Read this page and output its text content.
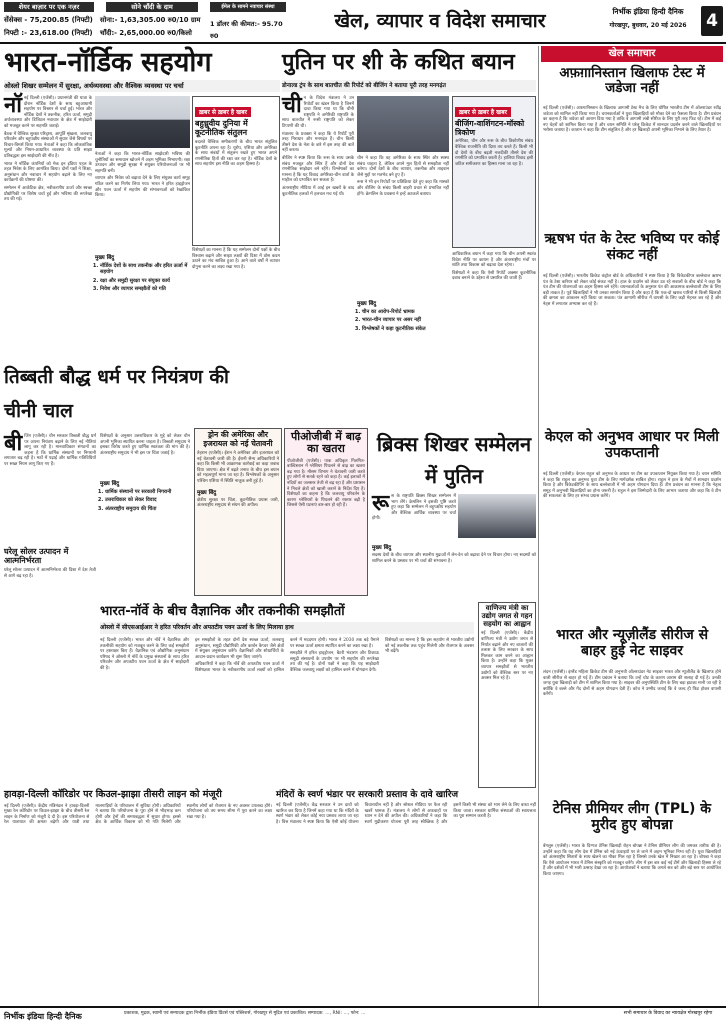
शेयर बाज़ार पर एक नज़र
सेंसेक्स - 75,200.85 (निफ्टी)
निफ्टी :- 23,618.00 (निफ्टी)
सोने चाँदी के दाम
सोना:- 1,63,305.00 रु0/10 ग्राम
चाँदी:- 2,65,000.00 रु0/किलो
ईमेल के सामने नवाचार संस्था
1 डॉलर की कीमत:- 95.70 रु0
खेल, व्यापार व विदेश समाचार	निर्भीक इंडिया हिन्दी दैनिक
गोरखपुर, बुधवार, 20 मई 2026	4
भारत-नॉर्डिक सहयोग
ओस्लो शिखर सम्मेलन में सुरक्षा, अर्थव्यवस्था और वैश्विक व्यवस्था पर चर्चा

नॉनई दिल्ली (एजेंसी)। प्रधानमंत्री की यात्रा के दौरान नॉर्डिक देशों के साथ बहुआयामी सहयोग पर विस्तार से चर्चा हुई। भारत और नॉर्डिक देशों ने तकनीक, हरित ऊर्जा, समुद्री अर्थव्यवस्था और डिजिटल नवाचार के क्षेत्र में साझेदारी को मजबूत करने पर सहमति जताई।

बैठक में वैश्विक सुरक्षा परिदृश्य, आपूर्ति श्रृंखला, जलवायु परिवर्तन और बहुपक्षीय संस्थाओं में सुधार जैसे विषयों पर विचार-विमर्श किया गया। नेताओं ने कहा कि लोकतांत्रिक मूल्यों और नियम-आधारित व्यवस्था के प्रति साझा प्रतिबद्धता इस साझेदारी की नींव है।

भारत ने नॉर्डिक कंपनियों को मेक इन इंडिया पहल के तहत निवेश के लिए आमंत्रित किया। दोनों पक्षों ने शिक्षा, अनुसंधान और नवाचार में सहयोग बढ़ाने के लिए नए कार्यक्रमों की घोषणा की।

सम्मेलन में आर्कटिक क्षेत्र, नवीकरणीय ऊर्जा और स्वच्छ प्रौद्योगिकी पर विशेष चर्चा हुई और भविष्य की रूपरेखा तय की गई।

नेताओं ने कहा कि भारत-नॉर्डिक साझेदारी भविष्य की चुनौतियों का समाधान खोजने में अहम भूमिका निभाएगी। रक्षा उत्पादन और समुद्री सुरक्षा में संयुक्त परियोजनाओं पर भी सहमति बनी।

व्यापार और निवेश को बढ़ावा देने के लिए संयुक्त कार्य समूह गठित करने का निर्णय लिया गया। भारत ने हरित हाइड्रोजन और पवन ऊर्जा में सहयोग की संभावनाओं को रेखांकित किया।

ख़बर से ख़बर है खबर
बहुध्रुवीय दुनिया में कूटनीतिक संतुलन
बदलते वैश्विक समीकरणों के बीच भारत संतुलित कूटनीति अपना रहा है। यूरोप, एशिया और अमेरिका के साथ संबंधों में संतुलन रखते हुए भारत अपने रणनीतिक हितों की रक्षा कर रहा है। नॉर्डिक देशों के साथ सहयोग इस नीति का अहम हिस्सा है।

विशेषज्ञों का मानना है कि यह सम्मेलन दोनों पक्षों के बीच विश्वास बढ़ाने और साझा लक्ष्यों की दिशा में ठोस कदम उठाने का मंच साबित हुआ है। आने वाले वर्षों में व्यापार दोगुना करने का लक्ष्य रखा गया है।

मुख्य बिंदु
1. नॉर्डिक देशों के साथ तकनीक और हरित ऊर्जा में सहयोग
2. रक्षा और समुद्री सुरक्षा पर संयुक्त कार्य
3. निवेश और व्यापार समझौतों को गति
पुतिन पर शी के कथित बयान
डोनाल्ड ट्रंप के साथ बातचीत की रिपोर्ट को बीजिंग ने बताया पूरी तरह मनगढ़ंत

चीन के विदेश मंत्रालय ने उन रिपोर्टों का खंडन किया है जिनमें दावा किया गया था कि चीनी राष्ट्रपति ने अमेरिकी राष्ट्रपति के साथ बातचीत में रूसी राष्ट्रपति को लेकर टिप्पणी की थी।

मंत्रालय के प्रवक्ता ने कहा कि ये रिपोर्टें पूरी तरह निराधार और मनगढ़ंत हैं। चीन किसी तीसरे देश के नेता के बारे में इस तरह की बातें नहीं करता।

बीजिंग ने स्पष्ट किया कि रूस के साथ उसके संबंध मजबूत और स्थिर हैं और दोनों देश रणनीतिक साझेदार बने रहेंगे। विश्लेषकों का मानना है कि यह विवाद अमेरिका-चीन वार्ता के माहौल को प्रभावित कर सकता है।

अंतरराष्ट्रीय मीडिया में आई इन खबरों के बाद कूटनीतिक हलकों में हलचल मच गई थी।

चीन ने कहा कि वह अमेरिका के साथ स्थिर और स्वस्थ संबंध चाहता है, लेकिन अपने मूल हितों से समझौता नहीं करेगा। दोनों देशों के बीच व्यापार, तकनीक और ताइवान जैसे मुद्दों पर मतभेद बने हुए हैं।

रूस ने भी इन रिपोर्टों पर प्रतिक्रिया देते हुए कहा कि मास्को और बीजिंग के संबंध किसी बाहरी प्रचार से प्रभावित नहीं होंगे। क्रेमलिन के प्रवक्ता ने इन्हें अटकलें बताया।

मुख्य बिंदु
1. चीन का आरोप-रिपोर्ट भ्रामक
2. भारत-चीन व्यापार पर असर नहीं
3. विश्लेषकों ने कहा कूटनीतिक संकेत
ख़बर से ख़बर है खबर
बीजिंग-वाशिंगटन-मॉस्को त्रिकोण
अमेरिका, चीन और रूस के बीच त्रिकोणीय संबंध वैश्विक राजनीति की दिशा तय करते हैं। किसी भी दो देशों के बीच बढ़ती नजदीकी तीसरे देश की रणनीति को प्रभावित करती है। हालिया विवाद इसी जटिल समीकरण का हिस्सा माना जा रहा है।

आधिकारिक बयान में कहा गया कि चीन अपनी स्वतंत्र विदेश नीति पर कायम है और अंतरराष्ट्रीय मंचों पर शांति तथा विकास को बढ़ावा देता रहेगा।

विशेषज्ञों ने कहा कि ऐसी रिपोर्टें अक्सर कूटनीतिक दबाव बनाने के उद्देश्य से प्रसारित की जाती हैं।

खेल समाचार
अफ़ग़ानिस्तान खिलाफ टेस्ट में जडेजा नहीं
नई दिल्ली (एजेंसी)। अफगानिस्तान के खिलाफ आगामी टेस्ट मैच के लिए घोषित भारतीय टीम में ऑलराउंडर रवींद्र जडेजा को शामिल नहीं किया गया है। चयनकर्ताओं ने युवा खिलाड़ियों को मौका देने का फैसला किया है। टीम प्रबंधन का कहना है कि जडेजा को आराम दिया गया है ताकि वे आगामी लंबी सीरीज के लिए पूरी तरह फिट रहें। टीम में कई नए चेहरों को शामिल किया गया है और चयन समिति ने घरेलू क्रिकेट में शानदार प्रदर्शन करने वाले खिलाड़ियों पर भरोसा जताया है। कप्तान ने कहा कि टीम संतुलित है और हर खिलाड़ी अपनी भूमिका निभाने के लिए तैयार है।
ऋषभ पंत के टेस्ट भविष्य पर कोई संकट नहीं
नई दिल्ली (एजेंसी)। भारतीय क्रिकेट कंट्रोल बोर्ड के अधिकारियों ने स्पष्ट किया है कि विकेटकीपर बल्लेबाज ऋषभ पंत के टेस्ट करियर को लेकर कोई संकट नहीं है। हाल के प्रदर्शन को लेकर उठ रहे सवालों के बीच बोर्ड ने कहा कि पंत टीम की योजनाओं का अहम हिस्सा बने रहेंगे। चयनकर्ताओं के अनुसार पंत की आक्रामक बल्लेबाजी टीम के लिए बड़ी ताकत है। पूर्व खिलाड़ियों ने भी उनका समर्थन किया है और कहा है कि एक-दो खराब पारियों से किसी खिलाड़ी की क्षमता का आकलन नहीं किया जा सकता। पंत आगामी सीरीज में वापसी के लिए कड़ी मेहनत कर रहे हैं और नेट्स में लगातार अभ्यास कर रहे हैं।
केएल को अनुभव आधार पर मिली उपकप्तानी
नई दिल्ली (एजेंसी)। केएल राहुल को अनुभव के आधार पर टीम का उपकप्तान नियुक्त किया गया है। चयन समिति ने कहा कि राहुल का अनुभव युवा टीम के लिए मार्गदर्शक साबित होगा। राहुल ने हाल के मैचों में शानदार प्रदर्शन किया है और विकेटकीपिंग के साथ बल्लेबाजी में भी अहम योगदान दिया है। टीम प्रबंधन का मानना है कि नेतृत्व समूह में अनुभवी खिलाड़ियों का होना जरूरी है। राहुल ने इस जिम्मेदारी के लिए आभार जताया और कहा कि वे टीम की सफलता के लिए हर संभव प्रयास करेंगे।
भारत और न्यूज़ीलैंड सीरीज से बाहर हुई नेट साइवर
लंदन (एजेंसी)। इंग्लैंड महिला क्रिकेट टीम की अनुभवी ऑलराउंडर नेट साइवर भारत और न्यूजीलैंड के खिलाफ होने वाली सीरीज से बाहर हो गई हैं। टीम प्रबंधन ने बताया कि उन्हें चोट के कारण आराम की सलाह दी गई है। उनकी जगह युवा खिलाड़ी को टीम में शामिल किया गया है। साइवर की अनुपस्थिति टीम के लिए बड़ा झटका मानी जा रही है क्योंकि वे बल्ले और गेंद दोनों से अहम योगदान देती हैं। कोच ने उम्मीद जताई कि वे जल्द ही फिट होकर वापसी करेंगी।
टेनिस प्रीमियर लीग (TPL) के मुरीद हुए बोपन्ना
बेंगलुरु (एजेंसी)। भारत के दिग्गज टेनिस खिलाड़ी रोहन बोपन्ना ने टेनिस प्रीमियर लीग की जमकर तारीफ की है। उन्होंने कहा कि यह लीग देश में टेनिस को नई ऊंचाइयों पर ले जाने में अहम भूमिका निभा रही है। युवा खिलाड़ियों को अंतरराष्ट्रीय सितारों के साथ खेलने का मौका मिल रहा है जिससे उनके खेल में निखार आ रहा है। बोपन्ना ने कहा कि ऐसे आयोजन भारत में टेनिस संस्कृति को मजबूत करेंगे। लीग में इस बार कई नई टीमें और खिलाड़ी हिस्सा ले रहे हैं और दर्शकों में भी भारी उत्साह देखा जा रहा है। आयोजकों ने बताया कि अगले सत्र को और बड़े स्तर पर आयोजित किया जाएगा।
तिब्बती बौद्ध धर्म पर नियंत्रण की चीनी चाल

बीजिंग (एजेंसी)। चीन सरकार तिब्बती बौद्ध धर्म पर अपना नियंत्रण बढ़ाने के लिए नई नीतियां लागू कर रही है। मानवाधिकार संगठनों का कहना है कि धार्मिक संस्थानों पर निगरानी लगातार बढ़ रही है। मठों में पढ़ाई और धार्मिक गतिविधियों पर सख्त नियम लागू किए गए हैं।

विशेषज्ञों के अनुसार उत्तराधिकार के मुद्दे को लेकर चीन अपनी भूमिका स्थापित करना चाहता है। तिब्बती समुदाय ने इसका विरोध करते हुए धार्मिक स्वतंत्रता की मांग की है। अंतरराष्ट्रीय समुदाय ने भी इस पर चिंता जताई है।

मुख्य बिंदु
1. धार्मिक संस्थानों पर सरकारी निगरानी
2. उत्तराधिकार को लेकर विवाद
3. अंतरराष्ट्रीय समुदाय की चिंता
ड्रोन की अमेरिका और इजरायल को नई चेतावनी
तेहरान (एजेंसी)। ईरान ने अमेरिका और इजरायल को नई चेतावनी जारी की है। ईरानी सैन्य अधिकारियों ने कहा कि किसी भी आक्रामक कार्रवाई का कड़ा जवाब दिया जाएगा। क्षेत्र में बढ़ते तनाव के बीच इस बयान को महत्वपूर्ण माना जा रहा है। विश्लेषकों के अनुसार पश्चिम एशिया में स्थिति नाजुक बनी हुई है।
मुख्य बिंदु
क्षेत्रीय सुरक्षा पर चिंता, कूटनीतिक प्रयास जारी, अंतरराष्ट्रीय समुदाय से संयम की अपील।
पीओजीबी में बाढ़ का खतरा
पीओजीबी (एजेंसी)। पाक अधिकृत गिलगित-बाल्टिस्तान में ग्लेशियर पिघलने से बाढ़ का खतरा बढ़ गया है। मौसम विभाग ने चेतावनी जारी करते हुए लोगों से सतर्क रहने को कहा है। कई इलाकों में नदियों का जलस्तर तेजी से बढ़ रहा है और प्रशासन ने निचले क्षेत्रों को खाली कराने के निर्देश दिए हैं। विशेषज्ञों का कहना है कि जलवायु परिवर्तन के कारण ग्लेशियरों के पिघलने की रफ्तार बढ़ी है जिससे ऐसी घटनाएं बार-बार हो रही हैं।
ब्रिक्स शिखर सम्मेलन में पुतिन

रूस के राष्ट्रपति ब्रिक्स शिखर सम्मेलन में भाग लेंगे। क्रेमलिन ने इसकी पुष्टि करते हुए कहा कि सम्मेलन में बहुपक्षीय सहयोग और वैश्विक आर्थिक व्यवस्था पर चर्चा होगी।

मुख्य बिंदु
सदस्य देशों के बीच व्यापार और स्थानीय मुद्राओं में लेन-देन को बढ़ावा देने पर विचार होगा। नए सदस्यों को शामिल करने के प्रस्ताव पर भी चर्चा की संभावना है।
घरेलू सोलर उत्पादन में आत्मनिर्भरता
घरेलू सोलर उत्पादन में आत्मनिर्भरता की दिशा में देश तेजी से आगे बढ़ रहा है।
भारत-नॉर्वे के बीच वैज्ञानिक और तकनीकी समझौतों
ओस्लो में सीएसआईआर ने हरित परिवर्तन और अपतटीय पवन ऊर्जा के लिए मिलाया हाथ

नई दिल्ली (एजेंसी)। भारत और नॉर्वे ने वैज्ञानिक और तकनीकी सहयोग को मजबूत करने के लिए कई समझौतों पर हस्ताक्षर किए हैं। वैज्ञानिक एवं औद्योगिक अनुसंधान परिषद ने ओस्लो में नॉर्वे के प्रमुख संस्थानों के साथ हरित परिवर्तन और अपतटीय पवन ऊर्जा के क्षेत्र में साझेदारी की है।

इन समझौतों के तहत दोनों देश स्वच्छ ऊर्जा, जलवायु अनुसंधान, समुद्री प्रौद्योगिकी और कार्बन कैप्चर जैसे क्षेत्रों में संयुक्त अनुसंधान करेंगे। वैज्ञानिकों और शोधार्थियों के आदान-प्रदान कार्यक्रम भी शुरू किए जाएंगे।

अधिकारियों ने कहा कि नॉर्वे की अपतटीय पवन ऊर्जा में विशेषज्ञता भारत के नवीकरणीय ऊर्जा लक्ष्यों को हासिल करने में मददगार होगी। भारत ने 2030 तक बड़े पैमाने पर स्वच्छ ऊर्जा क्षमता स्थापित करने का लक्ष्य रखा है।

समझौते में हरित हाइड्रोजन, बैटरी भंडारण और टिकाऊ समुद्री संसाधनों के उपयोग पर भी सहयोग की रूपरेखा तय की गई है। दोनों पक्षों ने कहा कि यह साझेदारी वैश्विक जलवायु लक्ष्यों को हासिल करने में योगदान देगी।

विशेषज्ञों का मानना है कि इस सहयोग से भारतीय उद्योगों को नई तकनीक तक पहुंच मिलेगी और रोजगार के अवसर भी बढ़ेंगे।

वाणिज्य मंत्री का उद्योग जगत से गहन सहयोग का आह्वान
नई दिल्ली (एजेंसी)। केंद्रीय वाणिज्य मंत्री ने उद्योग जगत से निर्यात बढ़ाने और नए बाजारों की तलाश के लिए सरकार के साथ मिलकर काम करने का आह्वान किया है। उन्होंने कहा कि मुक्त व्यापार समझौतों से भारतीय उद्योगों को वैश्विक स्तर पर नए अवसर मिल रहे हैं।
हावड़ा-दिल्ली कॉरिडोर पर किउल-झाझा तीसरी लाइन को मंजूरी
नई दिल्ली (एजेंसी)। केंद्रीय मंत्रिमंडल ने हावड़ा-दिल्ली मुख्य रेल कॉरिडोर पर किउल-झाझा के बीच तीसरी रेल लाइन के निर्माण को मंजूरी दे दी है। इस परियोजना से रेल यातायात की क्षमता बढ़ेगी और यात्री तथा मालगाड़ियों के परिचालन में सुविधा होगी। अधिकारियों ने बताया कि परियोजना के पूरा होने से भीड़भाड़ कम होगी और ट्रेनों की समयबद्धता में सुधार होगा। इससे क्षेत्र के आर्थिक विकास को भी गति मिलेगी और स्थानीय लोगों को रोजगार के नए अवसर उपलब्ध होंगे। परियोजना को तय समय सीमा में पूरा करने का लक्ष्य रखा गया है।
मंदिरों के स्वर्ण भंडार पर सरकारी प्रस्ताव के दावे खारिज
नई दिल्ली (एजेंसी)। केंद्र सरकार ने उन दावों को खारिज कर दिया है जिनमें कहा गया था कि मंदिरों के स्वर्ण भंडार को लेकर कोई नया प्रस्ताव लाया जा रहा है। वित्त मंत्रालय ने स्पष्ट किया कि ऐसी कोई योजना विचाराधीन नहीं है और सोशल मीडिया पर फैल रही खबरें भ्रामक हैं। मंत्रालय ने लोगों से अफवाहों पर ध्यान न देने की अपील की। अधिकारियों ने कहा कि स्वर्ण मुद्रीकरण योजना पूरी तरह स्वैच्छिक है और इसमें किसी भी संस्था को भाग लेने के लिए बाध्य नहीं किया जाता। सरकार धार्मिक संस्थाओं की स्वायत्तता का पूरा सम्मान करती है।
निर्भीक इंडिया हिन्दी दैनिक	प्रकाशक, मुद्रक, स्वामी एवं सम्पादक द्वारा निर्भीक इंडिया प्रिंटर्स एवं पब्लिशर्स, गोरखपुर से मुद्रित एवं प्रकाशित। सम्पादक: ..., RNI: ..., फोन: ...	सभी समाचार के विवाद का न्यायक्षेत्र गोरखपुर रहेगा
